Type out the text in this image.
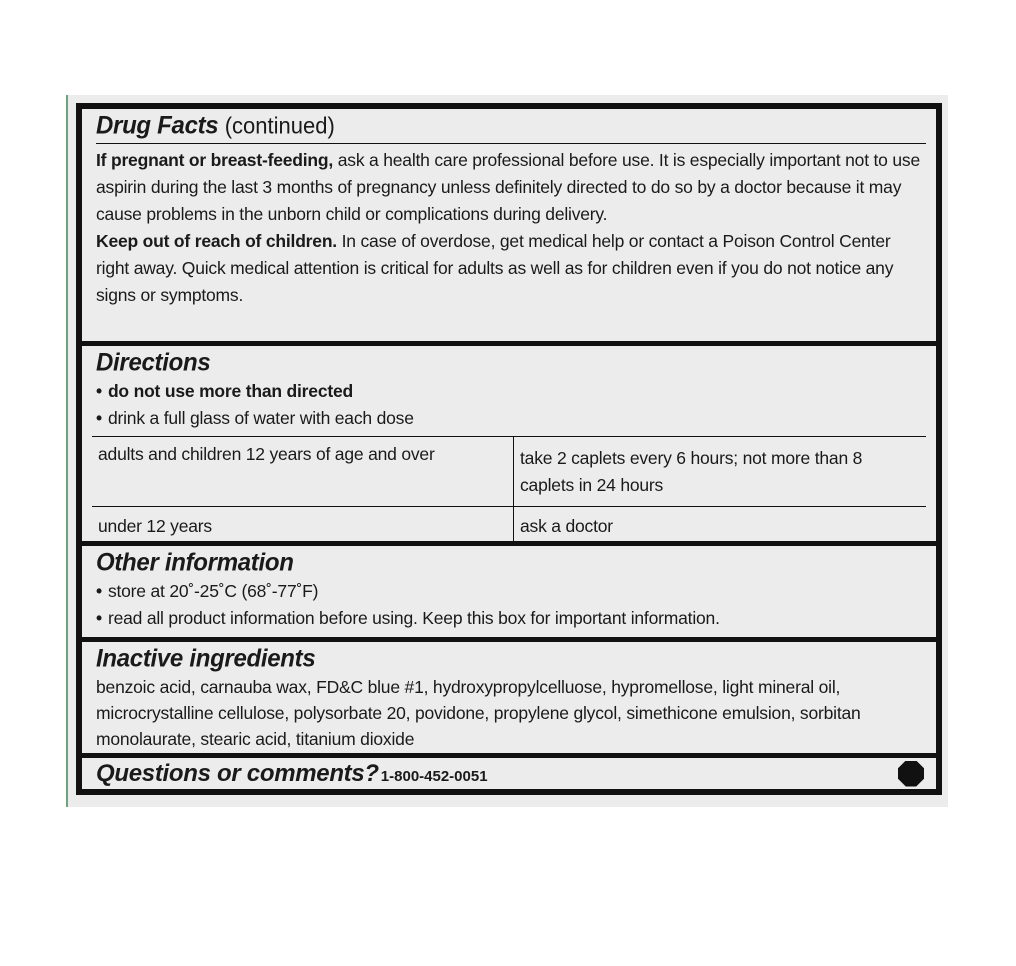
Drug Facts (continued)

If pregnant or breast-feeding, ask a health care professional before use. It is especially important not to use aspirin during the last 3 months of pregnancy unless definitely directed to do so by a doctor because it may cause problems in the unborn child or complications during delivery.

Keep out of reach of children. In case of overdose, get medical help or contact a Poison Control Center right away. Quick medical attention is critical for adults as well as for children even if you do not notice any signs or symptoms.

Directions
• do not use more than directed
• drink a full glass of water with each dose
adults and children 12 years of age and over	take 2 caplets every 6 hours; not more than 8 caplets in 24 hours
under 12 years	ask a doctor
Other information
• store at 20˚-25˚C (68˚-77˚F)
• read all product information before using. Keep this box for important information.
Inactive ingredients

benzoic acid, carnauba wax, FD&C blue #1, hydroxypropylcelluose, hypromellose, light mineral oil, microcrystalline cellulose, polysorbate 20, povidone, propylene glycol, simethicone emulsion, sorbitan monolaurate, stearic acid, titanium dioxide

Questions or comments? 1-800-452-0051
